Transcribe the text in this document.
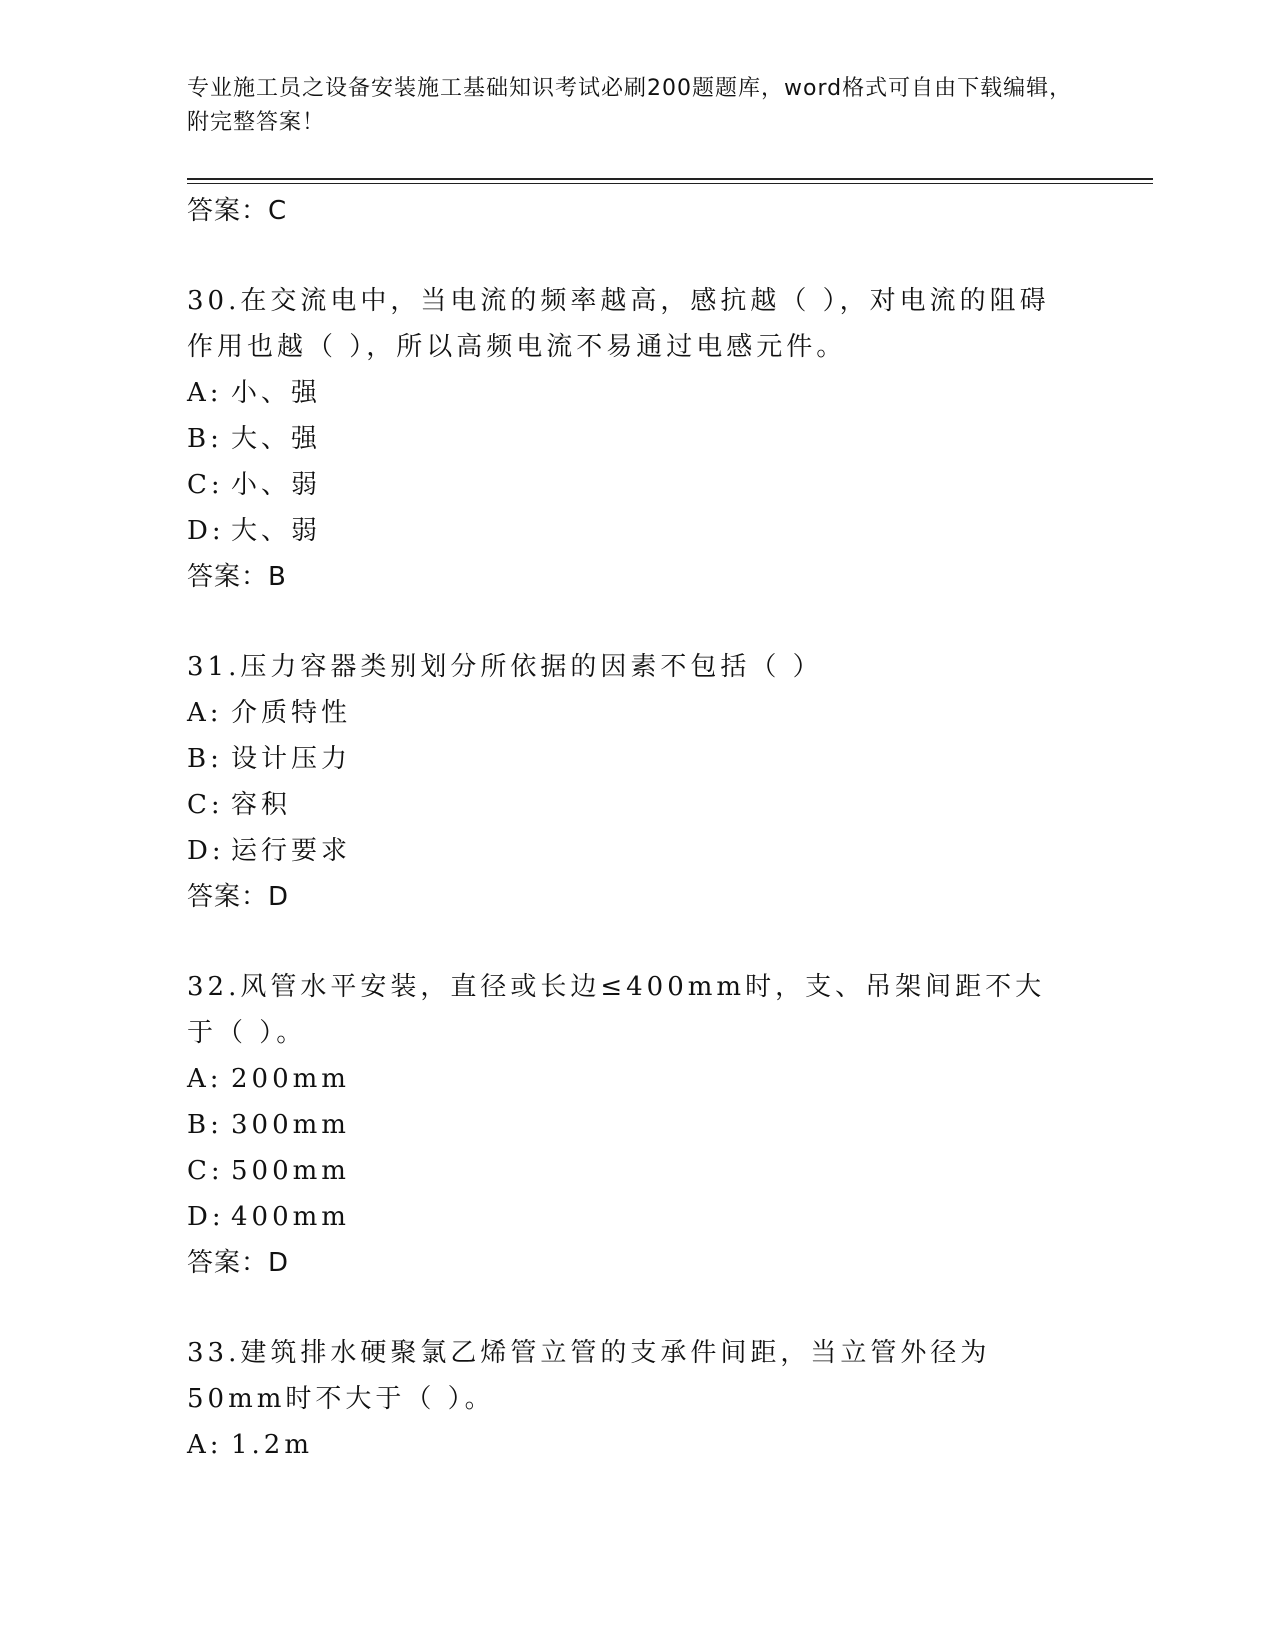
专业施工员之设备安装施工基础知识考试必刷200题题库，word格式可自由下载编辑，附完整答案！
答案：C
30.在交流电中，当电流的频率越高，感抗越（ ），对电流的阻碍作用也越（ ），所以高频电流不易通过电感元件。
A: 小、强
B: 大、强
C: 小、弱
D: 大、弱
答案：B
31.压力容器类别划分所依据的因素不包括（ ）
A: 介质特性
B: 设计压力
C: 容积
D: 运行要求
答案：D
32.风管水平安装，直径或长边≤400mm时，支、吊架间距不大于（ ）。
A: 200mm
B: 300mm
C: 500mm
D: 400mm
答案：D
33.建筑排水硬聚氯乙烯管立管的支承件间距，当立管外径为50mm时不大于（ ）。
A: 1.2m
